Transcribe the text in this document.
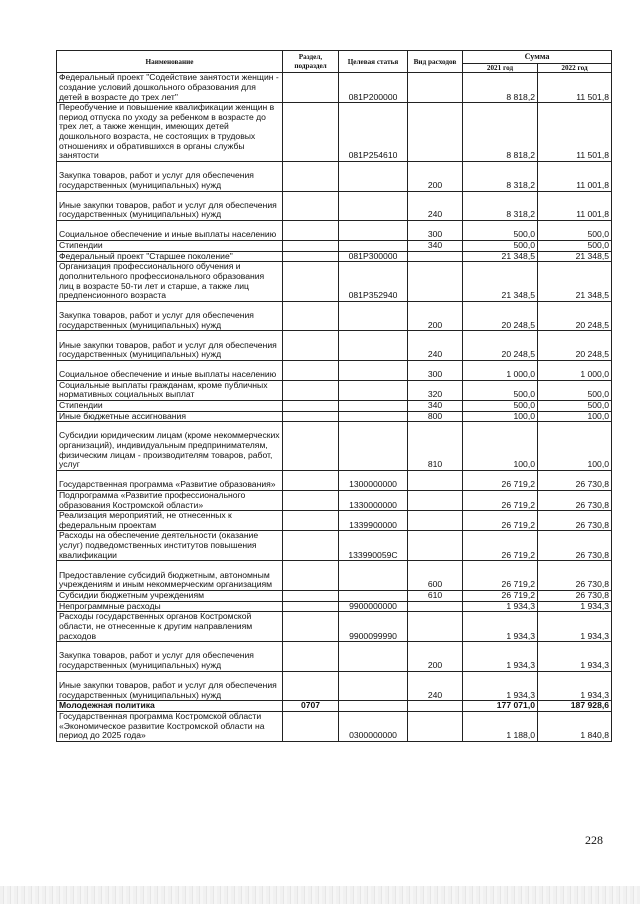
Наименование	Раздел, подраздел	Целевая статья	Вид расходов	Сумма	
				2021 год	2022 год
Федеральный проект "Содействие занятости женщин - создание условий дошкольного образования для детей в возрасте до трех лет"		081P200000		8 818,2	11 501,8
Переобучение и повышение квалификации женщин в период отпуска по уходу за ребенком в возрасте до трех лет, а также женщин, имеющих детей дошкольного возраста, не состоящих в трудовых отношениях и обратившихся в органы службы занятости		081P254610		8 818,2	11 501,8
Закупка товаров, работ и услуг для обеспечения государственных (муниципальных) нужд			200	8 318,2	11 001,8
Иные закупки товаров, работ и услуг для обеспечения государственных (муниципальных) нужд			240	8 318,2	11 001,8
Социальное обеспечение и иные выплаты населению			300	500,0	500,0
Стипендии			340	500,0	500,0
Федеральный проект "Старшее поколение"		081P300000		21 348,5	21 348,5
Организация профессионального обучения и дополнительного профессионального образования лиц в возрасте 50-ти лет и старше, а также лиц предпенсионного возраста		081P352940		21 348,5	21 348,5
Закупка товаров, работ и услуг для обеспечения государственных (муниципальных) нужд			200	20 248,5	20 248,5
Иные закупки товаров, работ и услуг для обеспечения государственных (муниципальных) нужд			240	20 248,5	20 248,5
Социальное обеспечение и иные выплаты населению			300	1 000,0	1 000,0
Социальные выплаты гражданам, кроме публичных нормативных социальных выплат			320	500,0	500,0
Стипендии			340	500,0	500,0
Иные бюджетные ассигнования			800	100,0	100,0
Субсидии юридическим лицам (кроме некоммерческих организаций), индивидуальным предпринимателям, физическим лицам - производителям товаров, работ, услуг			810	100,0	100,0
Государственная программа «Развитие образования»		1300000000		26 719,2	26 730,8
Подпрограмма «Развитие профессионального образования Костромской области»		1330000000		26 719,2	26 730,8
Реализация мероприятий, не отнесенных к федеральным проектам		1339900000		26 719,2	26 730,8
Расходы на обеспечение деятельности (оказание услуг) подведомственных институтов повышения квалификации		133990059С		26 719,2	26 730,8
Предоставление субсидий бюджетным, автономным учреждениям и иным некоммерческим организациям			600	26 719,2	26 730,8
Субсидии бюджетным учреждениям			610	26 719,2	26 730,8
Непрограммные расходы		9900000000		1 934,3	1 934,3
Расходы государственных органов Костромской области, не отнесенные к другим направлениям расходов		9900099990		1 934,3	1 934,3
Закупка товаров, работ и услуг для обеспечения государственных (муниципальных) нужд			200	1 934,3	1 934,3
Иные закупки товаров, работ и услуг для обеспечения государственных (муниципальных) нужд			240	1 934,3	1 934,3
Молодежная политика	0707			177 071,0	187 928,6
Государственная программа Костромской области «Экономическое развитие Костромской области на период до 2025 года»		0300000000		1 188,0	1 840,8
228
